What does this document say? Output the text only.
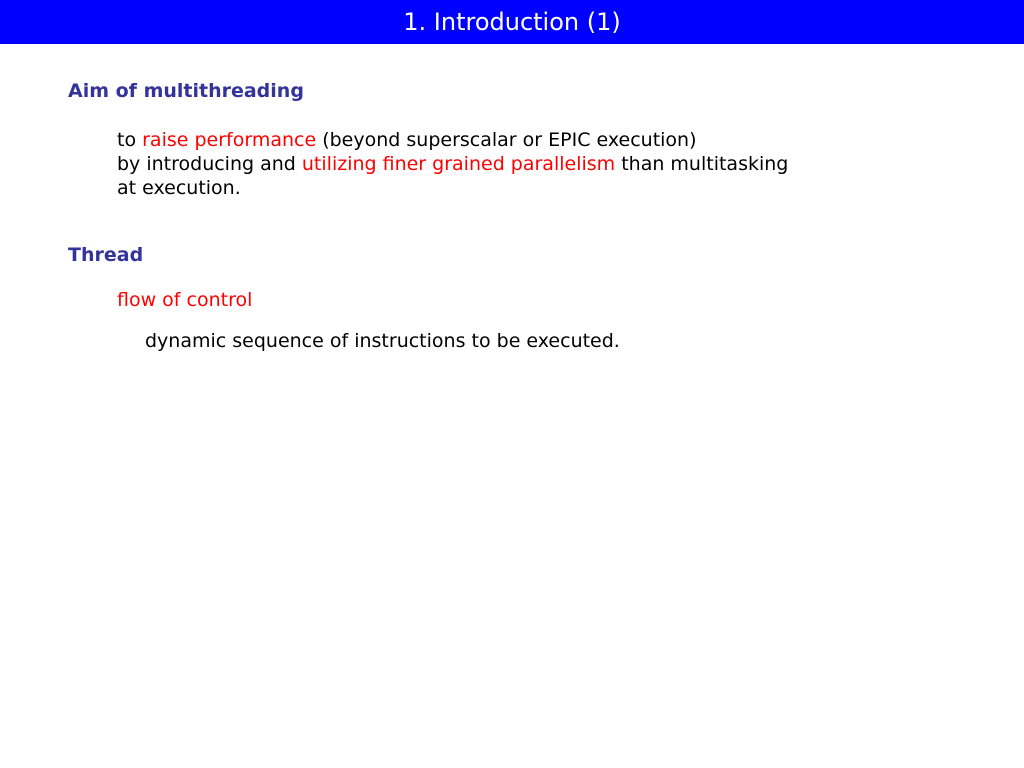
1. Introduction (1)
Aim of multithreading
to raise performance (beyond superscalar or EPIC execution)
by introducing and utilizing finer grained parallelism than multitasking
at execution.
Thread
flow of control
dynamic sequence of instructions to be executed.
